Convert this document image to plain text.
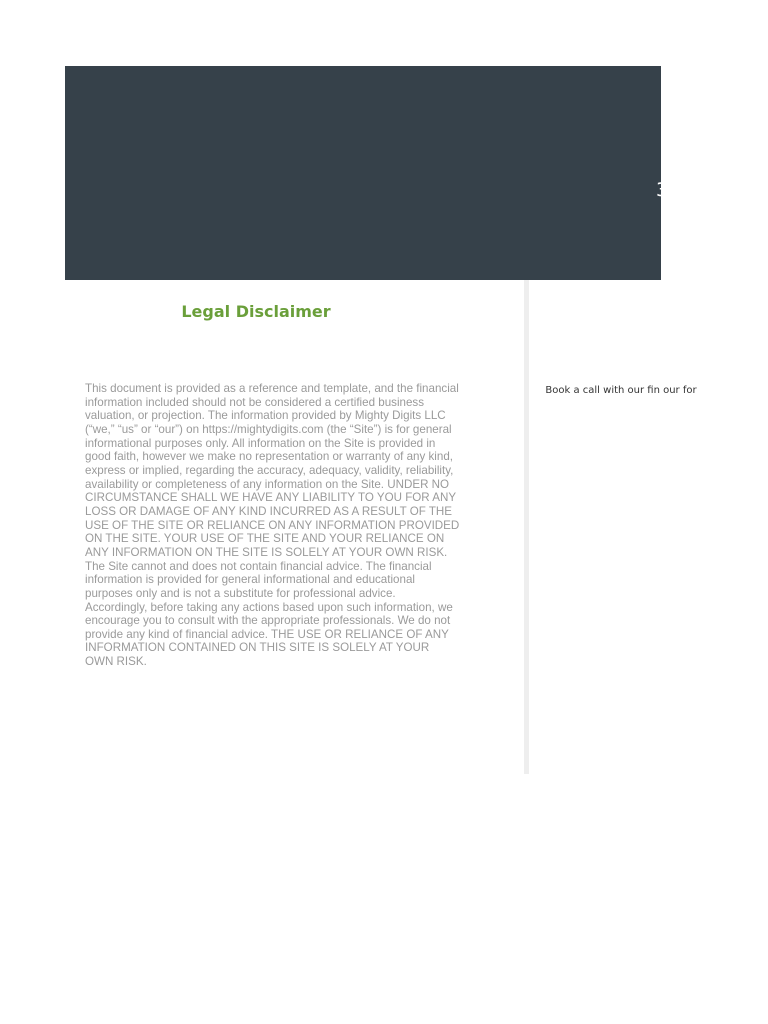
3
Legal Disclaimer

This document is provided as a reference and template, and the financial information included should not be considered a certified business valuation, or projection. The information provided by Mighty Digits LLC (“we,” “us” or “our”) on https://mightydigits.com (the “Site”) is for general informational purposes only. All information on the Site is provided in good faith, however we make no representation or warranty of any kind, express or implied, regarding the accuracy, adequacy, validity, reliability, availability or completeness of any information on the Site. UNDER NO CIRCUMSTANCE SHALL WE HAVE ANY LIABILITY TO YOU FOR ANY LOSS OR DAMAGE OF ANY KIND INCURRED AS A RESULT OF THE USE OF THE SITE OR RELIANCE ON ANY INFORMATION PROVIDED ON THE SITE. YOUR USE OF THE SITE AND YOUR RELIANCE ON ANY INFORMATION ON THE SITE IS SOLELY AT YOUR OWN RISK. The Site cannot and does not contain financial advice. The financial information is provided for general informational and educational purposes only and is not a substitute for professional advice. Accordingly, before taking any actions based upon such information, we encourage you to consult with the appropriate professionals. We do not provide any kind of financial advice. THE USE OR RELIANCE OF ANY INFORMATION CONTAINED ON THIS SITE IS SOLELY AT YOUR OWN RISK.

Book a call with our fin our for
